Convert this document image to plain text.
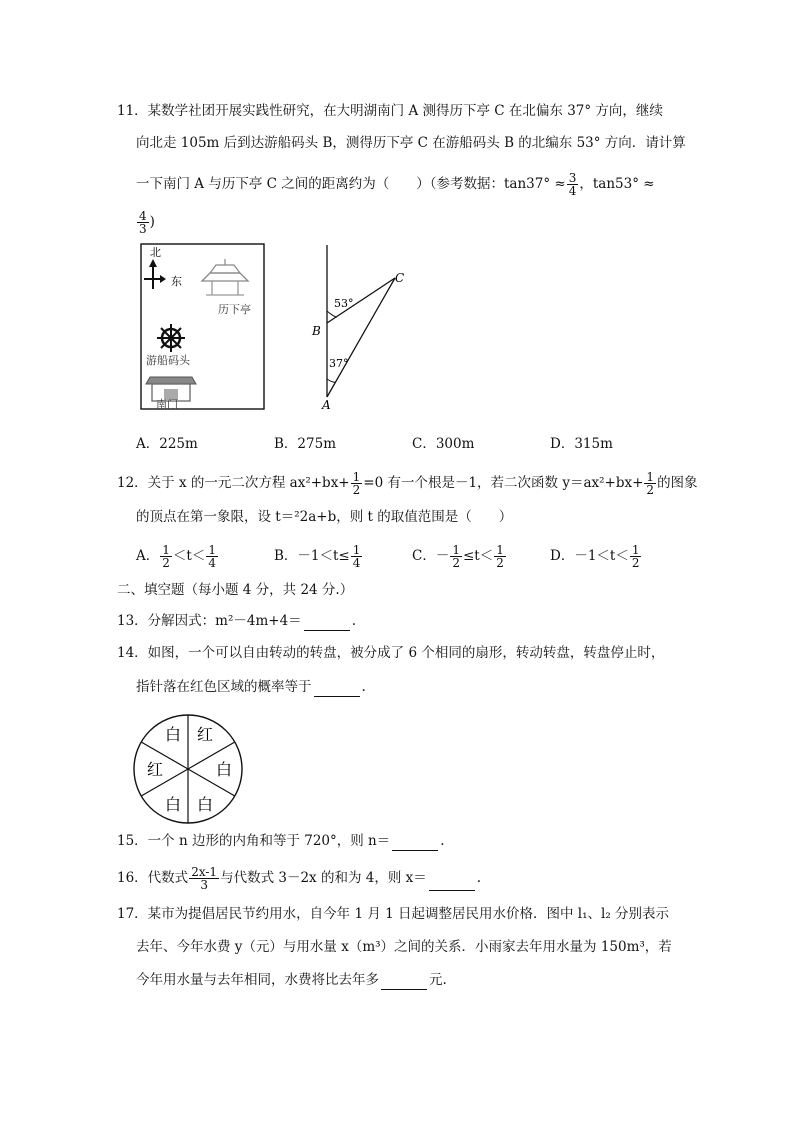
11．某数学社团开展实践性研究，在大明湖南门 A 测得历下亭 C 在北偏东 37° 方向，继续
向北走 105m 后到达游船码头 B，测得历下亭 C 在游船码头 B 的北编东 53° 方向．请计算
一下南门 A 与历下亭 C 之间的距离约为（　　）（参考数据：$\tan 37^\circ \approx \frac{3}{4}$ ，tan53° ≈
$\frac{4}{3}$ )
北
东
历下亭
游船码头
南门
C
B
A
53°
37°
A．225m	B．275m	C．300m	D．315m
12．关于 x 的一元二次方程 $ax^2+bx+ \frac{1}{2} =0$ 有一个根是－1，若二次函数 $y=ax^2+bx+ \frac{1}{2}$ 的图象
的顶点在第一象限，设 t＝²2a+b，则 t 的取值范围是（　　）
A． $\frac{1}{2} <t< \frac{1}{4}$	B．$-1<t\le \frac{1}{4}$	C．－ $\frac{1}{2} \le t< \frac{1}{2}$	D．$-1<t< \frac{1}{2}$
二、填空题（每小题 4 分，共 24 分.）
13．分解因式：m²－4m+4＝	.
14．如图，一个可以自由转动的转盘，被分成了 6 个相同的扇形，转动转盘，转盘停止时，
指针落在红色区域的概率等于	.
白 红
红	白
白 白
15．一个 n 边形的内角和等于 720°，则 n＝	.
16．代数式 $\frac{2x-1}{3}$ 与代数式 3－2x 的和为 4，则 x＝	.
17．某市为提倡居民节约用水，自今年 1 月 1 日起调整居民用水价格．图中 l₁、l₂ 分别表示
去年、今年水费 y（元）与用水量 x（m³）之间的关系．小雨家去年用水量为 150m³，若
今年用水量与去年相同，水费将比去年多	元.
